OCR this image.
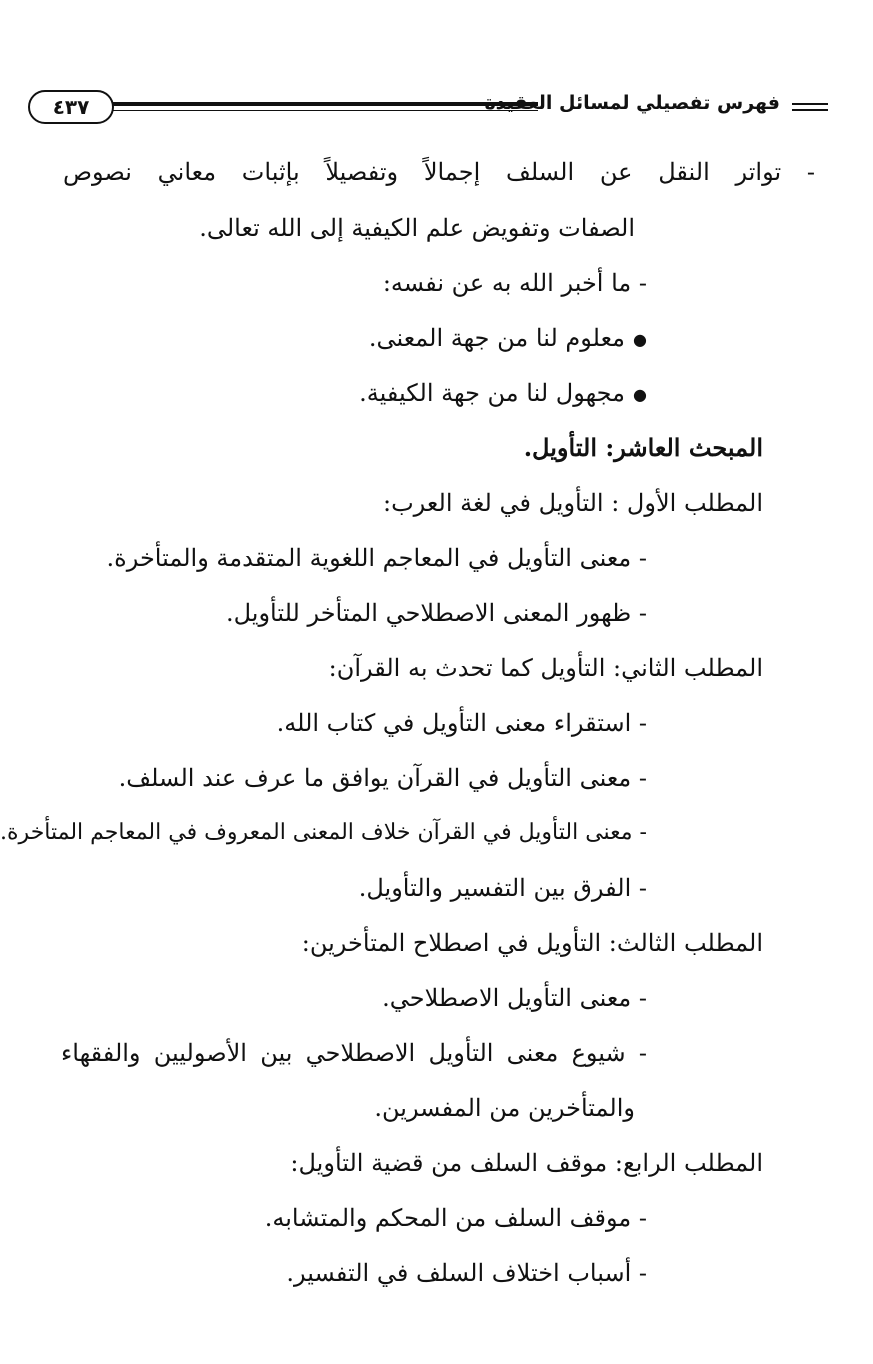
٤٣٧	فهرس تفصيلي لمسائل العقيدة
- تواتر النقل عن السلف إجمالاً وتفصيلاً بإثبات معاني نصوص
الصفات وتفويض علم الكيفية إلى الله تعالى.
- ما أخبر الله به عن نفسه:
● معلوم لنا من جهة المعنى.
● مجهول لنا من جهة الكيفية.
المبحث العاشر: التأويل.
المطلب الأول : التأويل في لغة العرب:
- معنى التأويل في المعاجم اللغوية المتقدمة والمتأخرة.
- ظهور المعنى الاصطلاحي المتأخر للتأويل.
المطلب الثاني: التأويل كما تحدث به القرآن:
- استقراء معنى التأويل في كتاب الله.
- معنى التأويل في القرآن يوافق ما عرف عند السلف.
- معنى التأويل في القرآن خلاف المعنى المعروف في المعاجم المتأخرة.
- الفرق بين التفسير والتأويل.
المطلب الثالث: التأويل في اصطلاح المتأخرين:
- معنى التأويل الاصطلاحي.
- شيوع معنى التأويل الاصطلاحي بين الأصوليين والفقهاء
والمتأخرين من المفسرين.
المطلب الرابع: موقف السلف من قضية التأويل:
- موقف السلف من المحكم والمتشابه.
- أسباب اختلاف السلف في التفسير.
